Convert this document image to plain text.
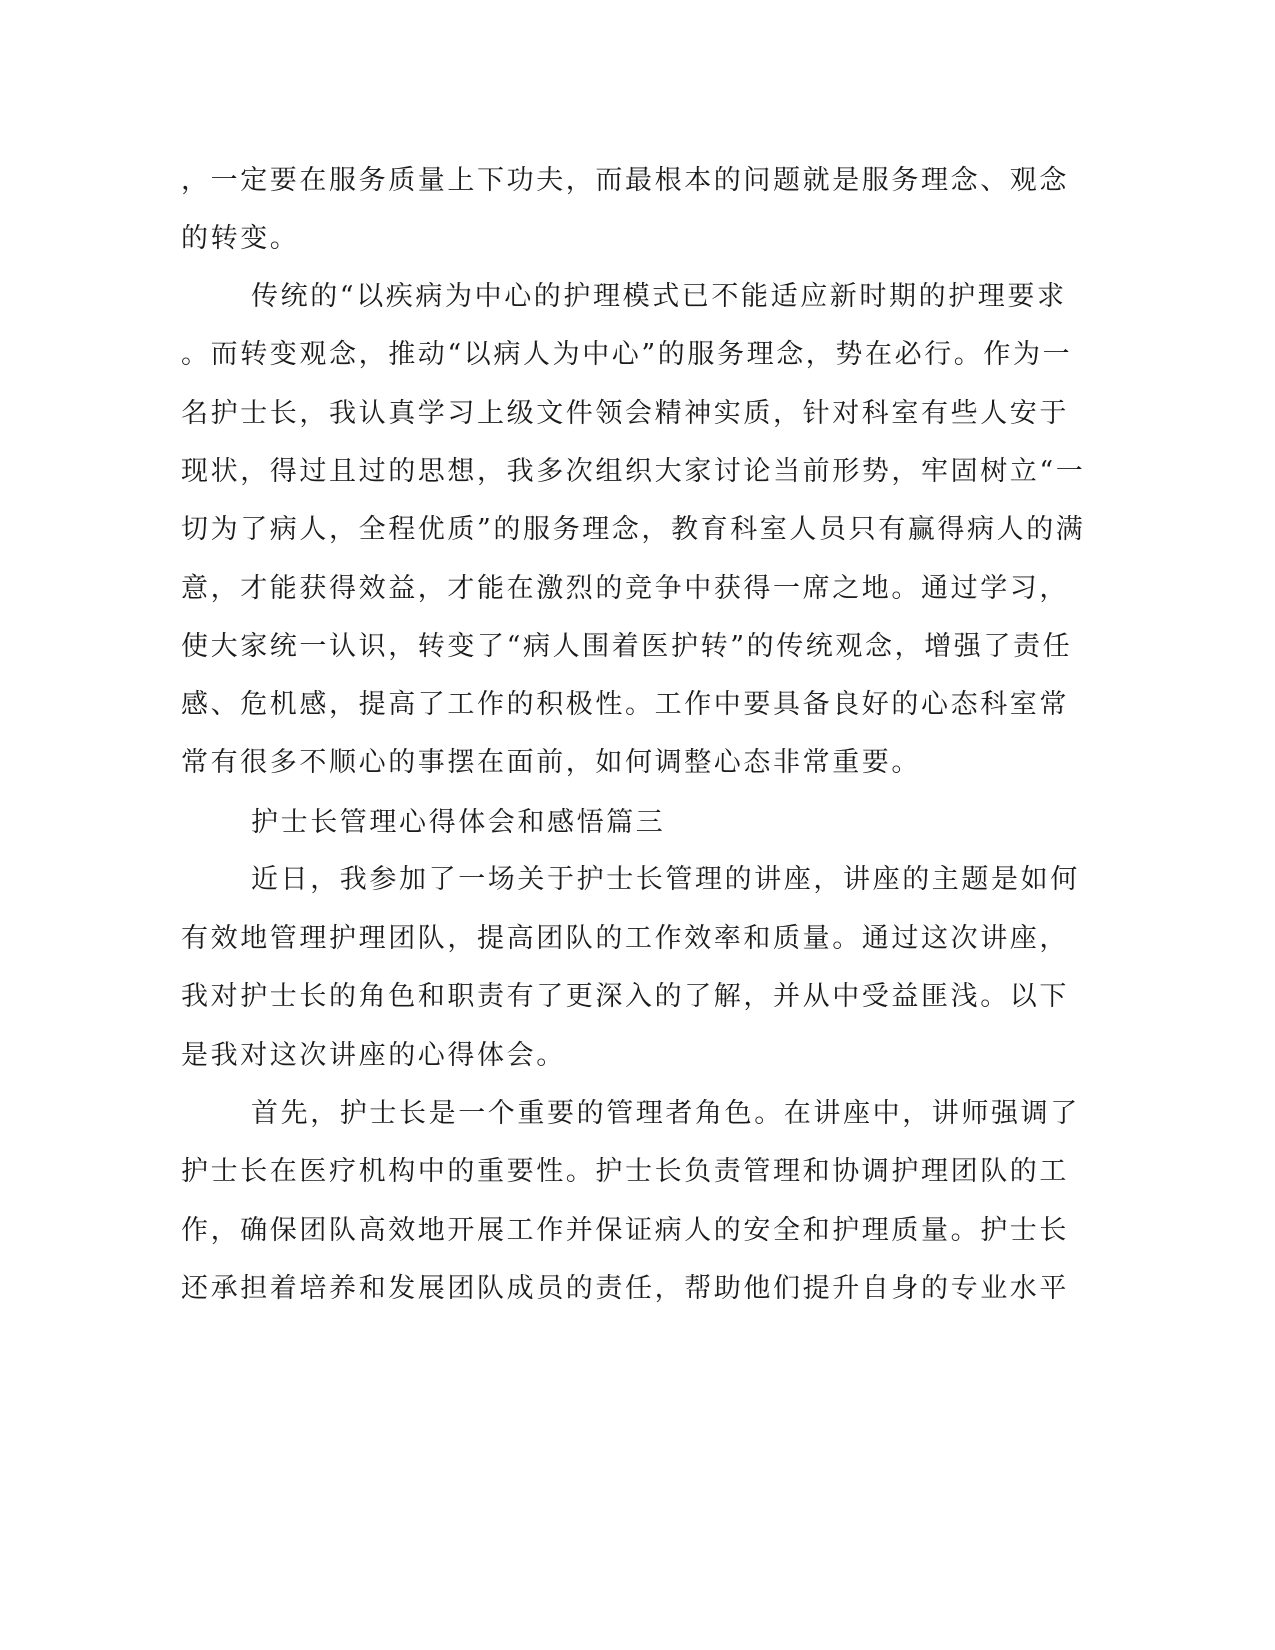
，一定要在服务质量上下功夫，而最根本的问题就是服务理念、观念
的转变。
传统的“以疾病为中心的护理模式已不能适应新时期的护理要求
。而转变观念，推动“以病人为中心”的服务理念，势在必行。作为一
名护士长，我认真学习上级文件领会精神实质，针对科室有些人安于
现状，得过且过的思想，我多次组织大家讨论当前形势，牢固树立“一
切为了病人，全程优质”的服务理念，教育科室人员只有赢得病人的满
意，才能获得效益，才能在激烈的竞争中获得一席之地。通过学习，
使大家统一认识，转变了“病人围着医护转”的传统观念，增强了责任
感、危机感，提高了工作的积极性。工作中要具备良好的心态科室常
常有很多不顺心的事摆在面前，如何调整心态非常重要。
护士长管理心得体会和感悟篇三
近日，我参加了一场关于护士长管理的讲座，讲座的主题是如何
有效地管理护理团队，提高团队的工作效率和质量。通过这次讲座，
我对护士长的角色和职责有了更深入的了解，并从中受益匪浅。以下
是我对这次讲座的心得体会。
首先，护士长是一个重要的管理者角色。在讲座中，讲师强调了
护士长在医疗机构中的重要性。护士长负责管理和协调护理团队的工
作，确保团队高效地开展工作并保证病人的安全和护理质量。护士长
还承担着培养和发展团队成员的责任，帮助他们提升自身的专业水平
